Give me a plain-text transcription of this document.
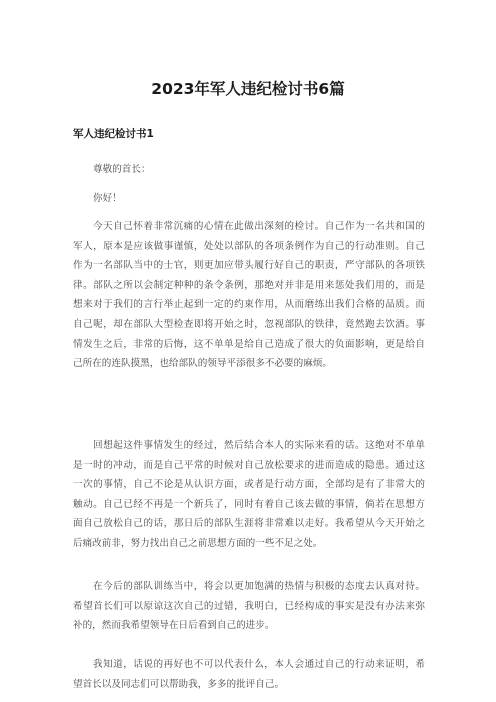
2023年军人违纪检讨书6篇
军人违纪检讨书1

尊敬的首长：

你好！

今天自己怀着非常沉痛的心情在此做出深刻的检讨。自己作为一名共和国的
军人，原本是应该做事谨慎，处处以部队的各项条例作为自己的行动准则。自己
作为一名部队当中的士官，则更加应带头履行好自己的职责，严守部队的各项铁
律。部队之所以会制定种种的条令条例，那绝对并非是用来惩处我们用的，而是
想来对于我们的言行举止起到一定的约束作用，从而磨练出我们合格的品质。而
自己呢，却在部队大型检查即将开始之时，忽视部队的铁律，竟然跑去饮酒。事
情发生之后，非常的后悔，这不单单是给自己造成了很大的负面影响，更是给自
己所在的连队摸黑，也给部队的领导平添很多不必要的麻烦。
回想起这件事情发生的经过，然后结合本人的实际来看的话。这绝对不单单
是一时的冲动，而是自己平常的时候对自己放松要求的进而造成的隐患。通过这
一次的事情，自己不论是从认识方面，或者是行动方面，全部均是有了非常大的
触动。自己已经不再是一个新兵了，同时有着自己该去做的事情，倘若在思想方
面自己放松自己的话，那日后的部队生涯将非常难以走好。我希望从今天开始之
后痛改前非，努力找出自己之前思想方面的一些不足之处。
在今后的部队训练当中，将会以更加饱满的热情与积极的态度去认真对待。
希望首长们可以原谅这次自己的过错，我明白，已经构成的事实是没有办法来弥
补的，然而我希望领导在日后看到自己的进步。
我知道，话说的再好也不可以代表什么，本人会通过自己的行动来证明，希
望首长以及同志们可以帮助我，多多的批评自己。
